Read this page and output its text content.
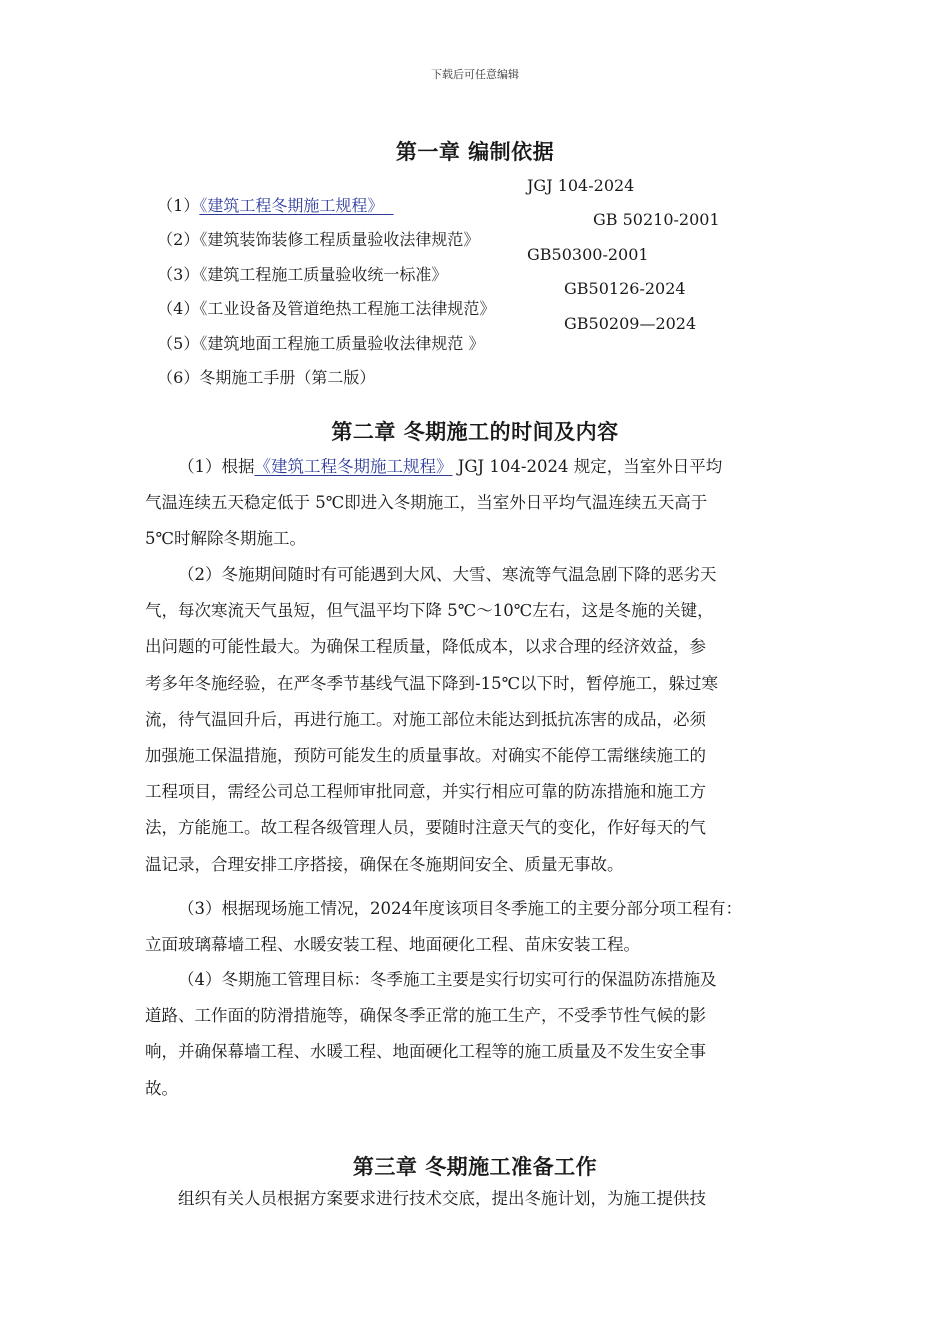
下载后可任意编辑
第一章 编制依据

（1）《建筑工程冬期施工规程》

JGJ 104-2024

（2）《建筑装饰装修工程质量验收法律规范》

GB 50210-2001

（3）《建筑工程施工质量验收统一标准》

GB50300-2001

（4）《工业设备及管道绝热工程施工法律规范》

GB50126-2024

（5）《建筑地面工程施工质量验收法律规范 》

GB50209—2024

（6）冬期施工手册（第二版）

第二章 冬期施工的时间及内容

（1）根据《建筑工程冬期施工规程》 JGJ 104-2024 规定，当室外日平均
气温连续五天稳定低于 5℃即进入冬期施工，当室外日平均气温连续五天高于
5℃时解除冬期施工。

（2）冬施期间随时有可能遇到大风、大雪、寒流等气温急剧下降的恶劣天
气，每次寒流天气虽短，但气温平均下降 5℃～10℃左右，这是冬施的关键，
出问题的可能性最大。为确保工程质量，降低成本，以求合理的经济效益，参
考多年冬施经验，在严冬季节基线气温下降到-15℃以下时，暂停施工，躲过寒
流，待气温回升后，再进行施工。对施工部位未能达到抵抗冻害的成品，必须
加强施工保温措施，预防可能发生的质量事故。对确实不能停工需继续施工的
工程项目，需经公司总工程师审批同意，并实行相应可靠的防冻措施和施工方
法，方能施工。故工程各级管理人员，要随时注意天气的变化，作好每天的气
温记录，合理安排工序搭接，确保在冬施期间安全、质量无事故。

（3）根据现场施工情况，2024年度该项目冬季施工的主要分部分项工程有：
立面玻璃幕墙工程、水暖安装工程、地面硬化工程、苗床安装工程。

（4）冬期施工管理目标：冬季施工主要是实行切实可行的保温防冻措施及
道路、工作面的防滑措施等，确保冬季正常的施工生产，不受季节性气候的影
响，并确保幕墙工程、水暖工程、地面硬化工程等的施工质量及不发生安全事
故。

第三章 冬期施工准备工作

组织有关人员根据方案要求进行技术交底，提出冬施计划，为施工提供技
